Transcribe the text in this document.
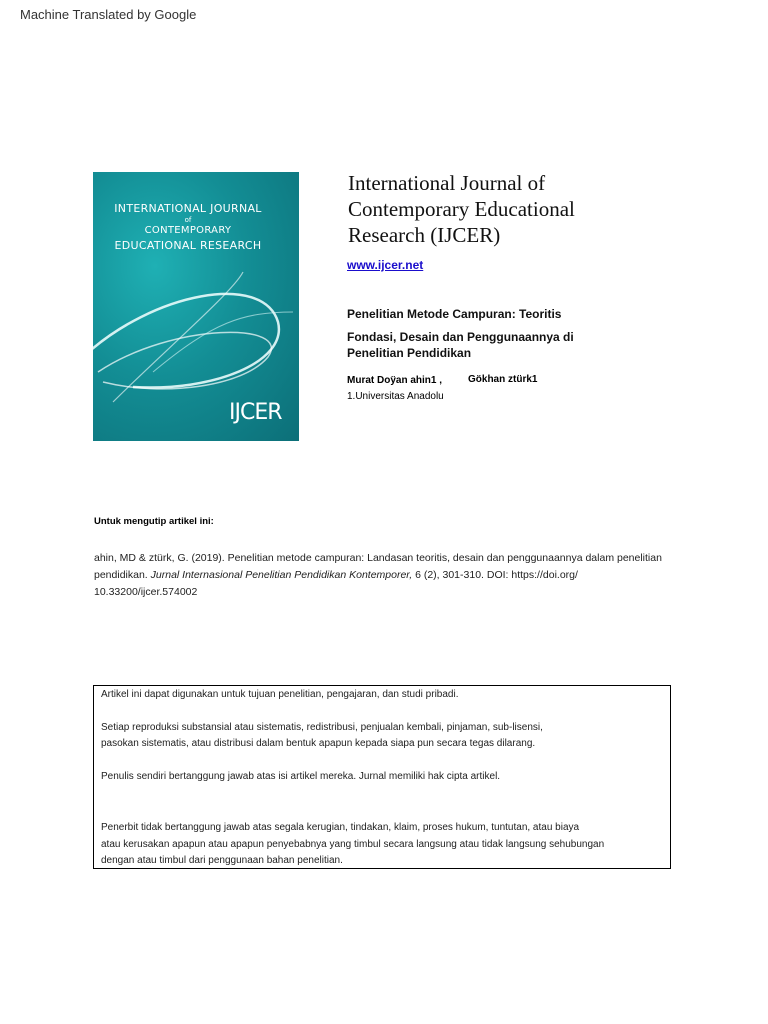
Machine Translated by Google
INTERNATIONAL JOURNAL
of
CONTEMPORARY
EDUCATIONAL RESEARCH
IJCER
International Journal of
Contemporary Educational
Research (IJCER)
www.ijcer.net
Penelitian Metode Campuran: Teoritis
Fondasi, Desain dan Penggunaannya di
Penelitian Pendidikan
Murat Doÿan ahin1 ,	Gökhan ztürk1
1.Universitas Anadolu
Untuk mengutip artikel ini:
ahin, MD & ztürk, G. (2019). Penelitian metode campuran: Landasan teoritis, desain dan penggunaannya dalam penelitian pendidikan. Jurnal Internasional Penelitian Pendidikan Kontemporer, 6 (2), 301-310. DOI: https://doi.org/ 10.33200/ijcer.574002

Artikel ini dapat digunakan untuk tujuan penelitian, pengajaran, dan studi pribadi.

Setiap reproduksi substansial atau sistematis, redistribusi, penjualan kembali, pinjaman, sub-lisensi,

pasokan sistematis, atau distribusi dalam bentuk apapun kepada siapa pun secara tegas dilarang.

Penulis sendiri bertanggung jawab atas isi artikel mereka. Jurnal memiliki hak cipta artikel.

Penerbit tidak bertanggung jawab atas segala kerugian, tindakan, klaim, proses hukum, tuntutan, atau biaya

atau kerusakan apapun atau apapun penyebabnya yang timbul secara langsung atau tidak langsung sehubungan

dengan atau timbul dari penggunaan bahan penelitian.
